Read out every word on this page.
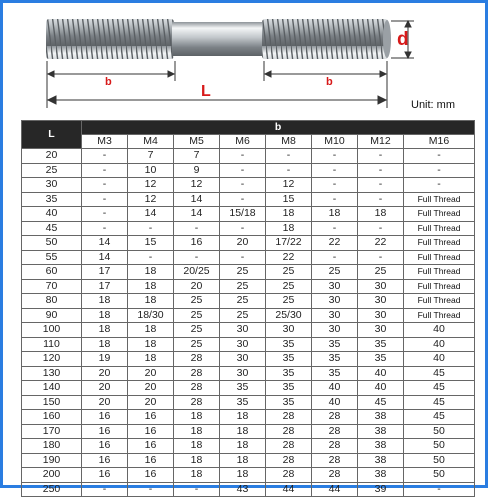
d
b	b
L
Unit: mm
L	b							
	M3	M4	M5	M6	M8	M10	M12	M16
20	-	7	7	-	-	-	-	-
25	-	10	9	-	-	-	-	-
30	-	12	12	-	12	-	-	-
35	-	12	14	-	15	-	-	Full Thread
40	-	14	14	15/18	18	18	18	Full Thread
45	-	-	-	-	18	-	-	Full Thread
50	14	15	16	20	17/22	22	22	Full Thread
55	14	-	-	-	22	-	-	Full Thread
60	17	18	20/25	25	25	25	25	Full Thread
70	17	18	20	25	25	30	30	Full Thread
80	18	18	25	25	25	30	30	Full Thread
90	18	18/30	25	25	25/30	30	30	Full Thread
100	18	18	25	30	30	30	30	40
110	18	18	25	30	35	35	35	40
120	19	18	28	30	35	35	35	40
130	20	20	28	30	35	35	40	45
140	20	20	28	35	35	40	40	45
150	20	20	28	35	35	40	45	45
160	16	16	18	18	28	28	38	45
170	16	16	18	18	28	28	38	50
180	16	16	18	18	28	28	38	50
190	16	16	18	18	28	28	38	50
200	16	16	18	18	28	28	38	50
250	-	-	-	43	44	44	39	-
